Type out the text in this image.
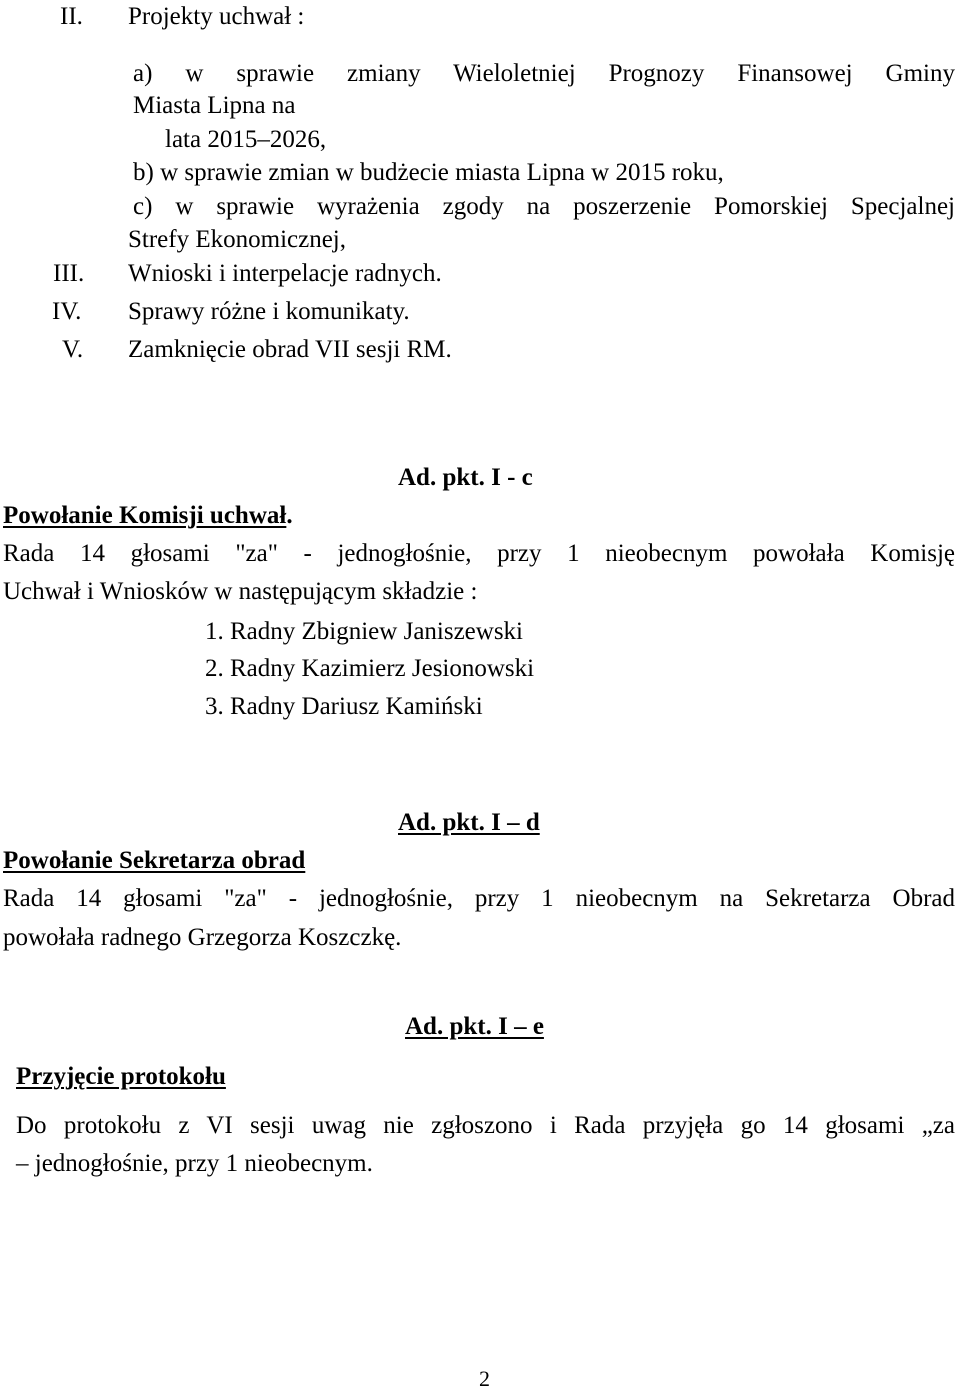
II. Projekty uchwał :
a) w sprawie zmiany Wieloletniej Prognozy Finansowej Gminy
Miasta Lipna na
lata 2015–2026,
b) w sprawie zmian w budżecie miasta Lipna w 2015 roku,
c) w sprawie wyrażenia zgody na poszerzenie Pomorskiej Specjalnej
Strefy Ekonomicznej,
III. Wnioski i interpelacje radnych.
IV. Sprawy różne i komunikaty.
V. Zamknięcie obrad VII sesji RM.
Ad. pkt. I - c
Powołanie Komisji uchwał.
Rada 14 głosami "za" - jednogłośnie, przy 1 nieobecnym powołała Komisję
Uchwał i Wniosków w następującym składzie :
1. Radny Zbigniew Janiszewski
2. Radny Kazimierz Jesionowski
3. Radny Dariusz Kamiński
Ad. pkt. I – d
Powołanie Sekretarza obrad
Rada 14 głosami "za" - jednogłośnie, przy 1 nieobecnym na Sekretarza Obrad
powołała radnego Grzegorza Koszczkę.
Ad. pkt. I – e
Przyjęcie protokołu
Do protokołu z VI sesji uwag nie zgłoszono i Rada przyjęła go 14 głosami „za
– jednogłośnie, przy 1 nieobecnym.
2
